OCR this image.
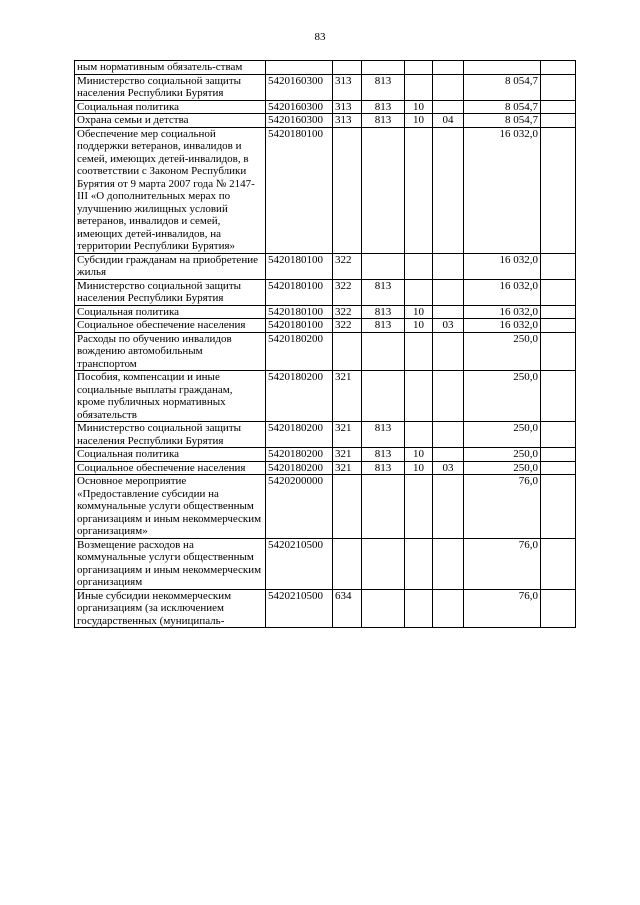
83
ным нормативным обязатель-ствам							
Министерство социальной защиты населения Республики Бурятия	5420160300	313	813			8 054,7	
Социальная политика	5420160300	313	813	10		8 054,7	
Охрана семьи и детства	5420160300	313	813	10	04	8 054,7	
Обеспечение мер социальной поддержки ветеранов, инвалидов и семей, имеющих детей-инвалидов, в соответствии с Законом Республики Бурятия от 9 марта 2007 года № 2147-III «О дополнительных мерах по улучшению жилищных условий ветеранов, инвалидов и семей, имеющих детей-инвалидов, на территории Республики Бурятия»	5420180100					16 032,0	
Субсидии гражданам на приобретение жилья	5420180100	322				16 032,0	
Министерство социальной защиты населения Республики Бурятия	5420180100	322	813			16 032,0	
Социальная политика	5420180100	322	813	10		16 032,0	
Социальное обеспечение населения	5420180100	322	813	10	03	16 032,0	
Расходы по обучению инвалидов вождению автомобильным транспортом	5420180200					250,0	
Пособия, компенсации и иные социальные выплаты гражданам, кроме публичных нормативных обязательств	5420180200	321				250,0	
Министерство социальной защиты населения Республики Бурятия	5420180200	321	813			250,0	
Социальная политика	5420180200	321	813	10		250,0	
Социальное обеспечение населения	5420180200	321	813	10	03	250,0	
Основное мероприятие «Предоставление субсидии на коммунальные услуги общественным организациям и иным некоммерческим организациям»	5420200000					76,0	
Возмещение расходов на коммунальные услуги общественным организациям и иным некоммерческим организациям	5420210500					76,0	
Иные субсидии некоммерческим организациям (за исключением государственных (муниципаль-	5420210500	634				76,0	
